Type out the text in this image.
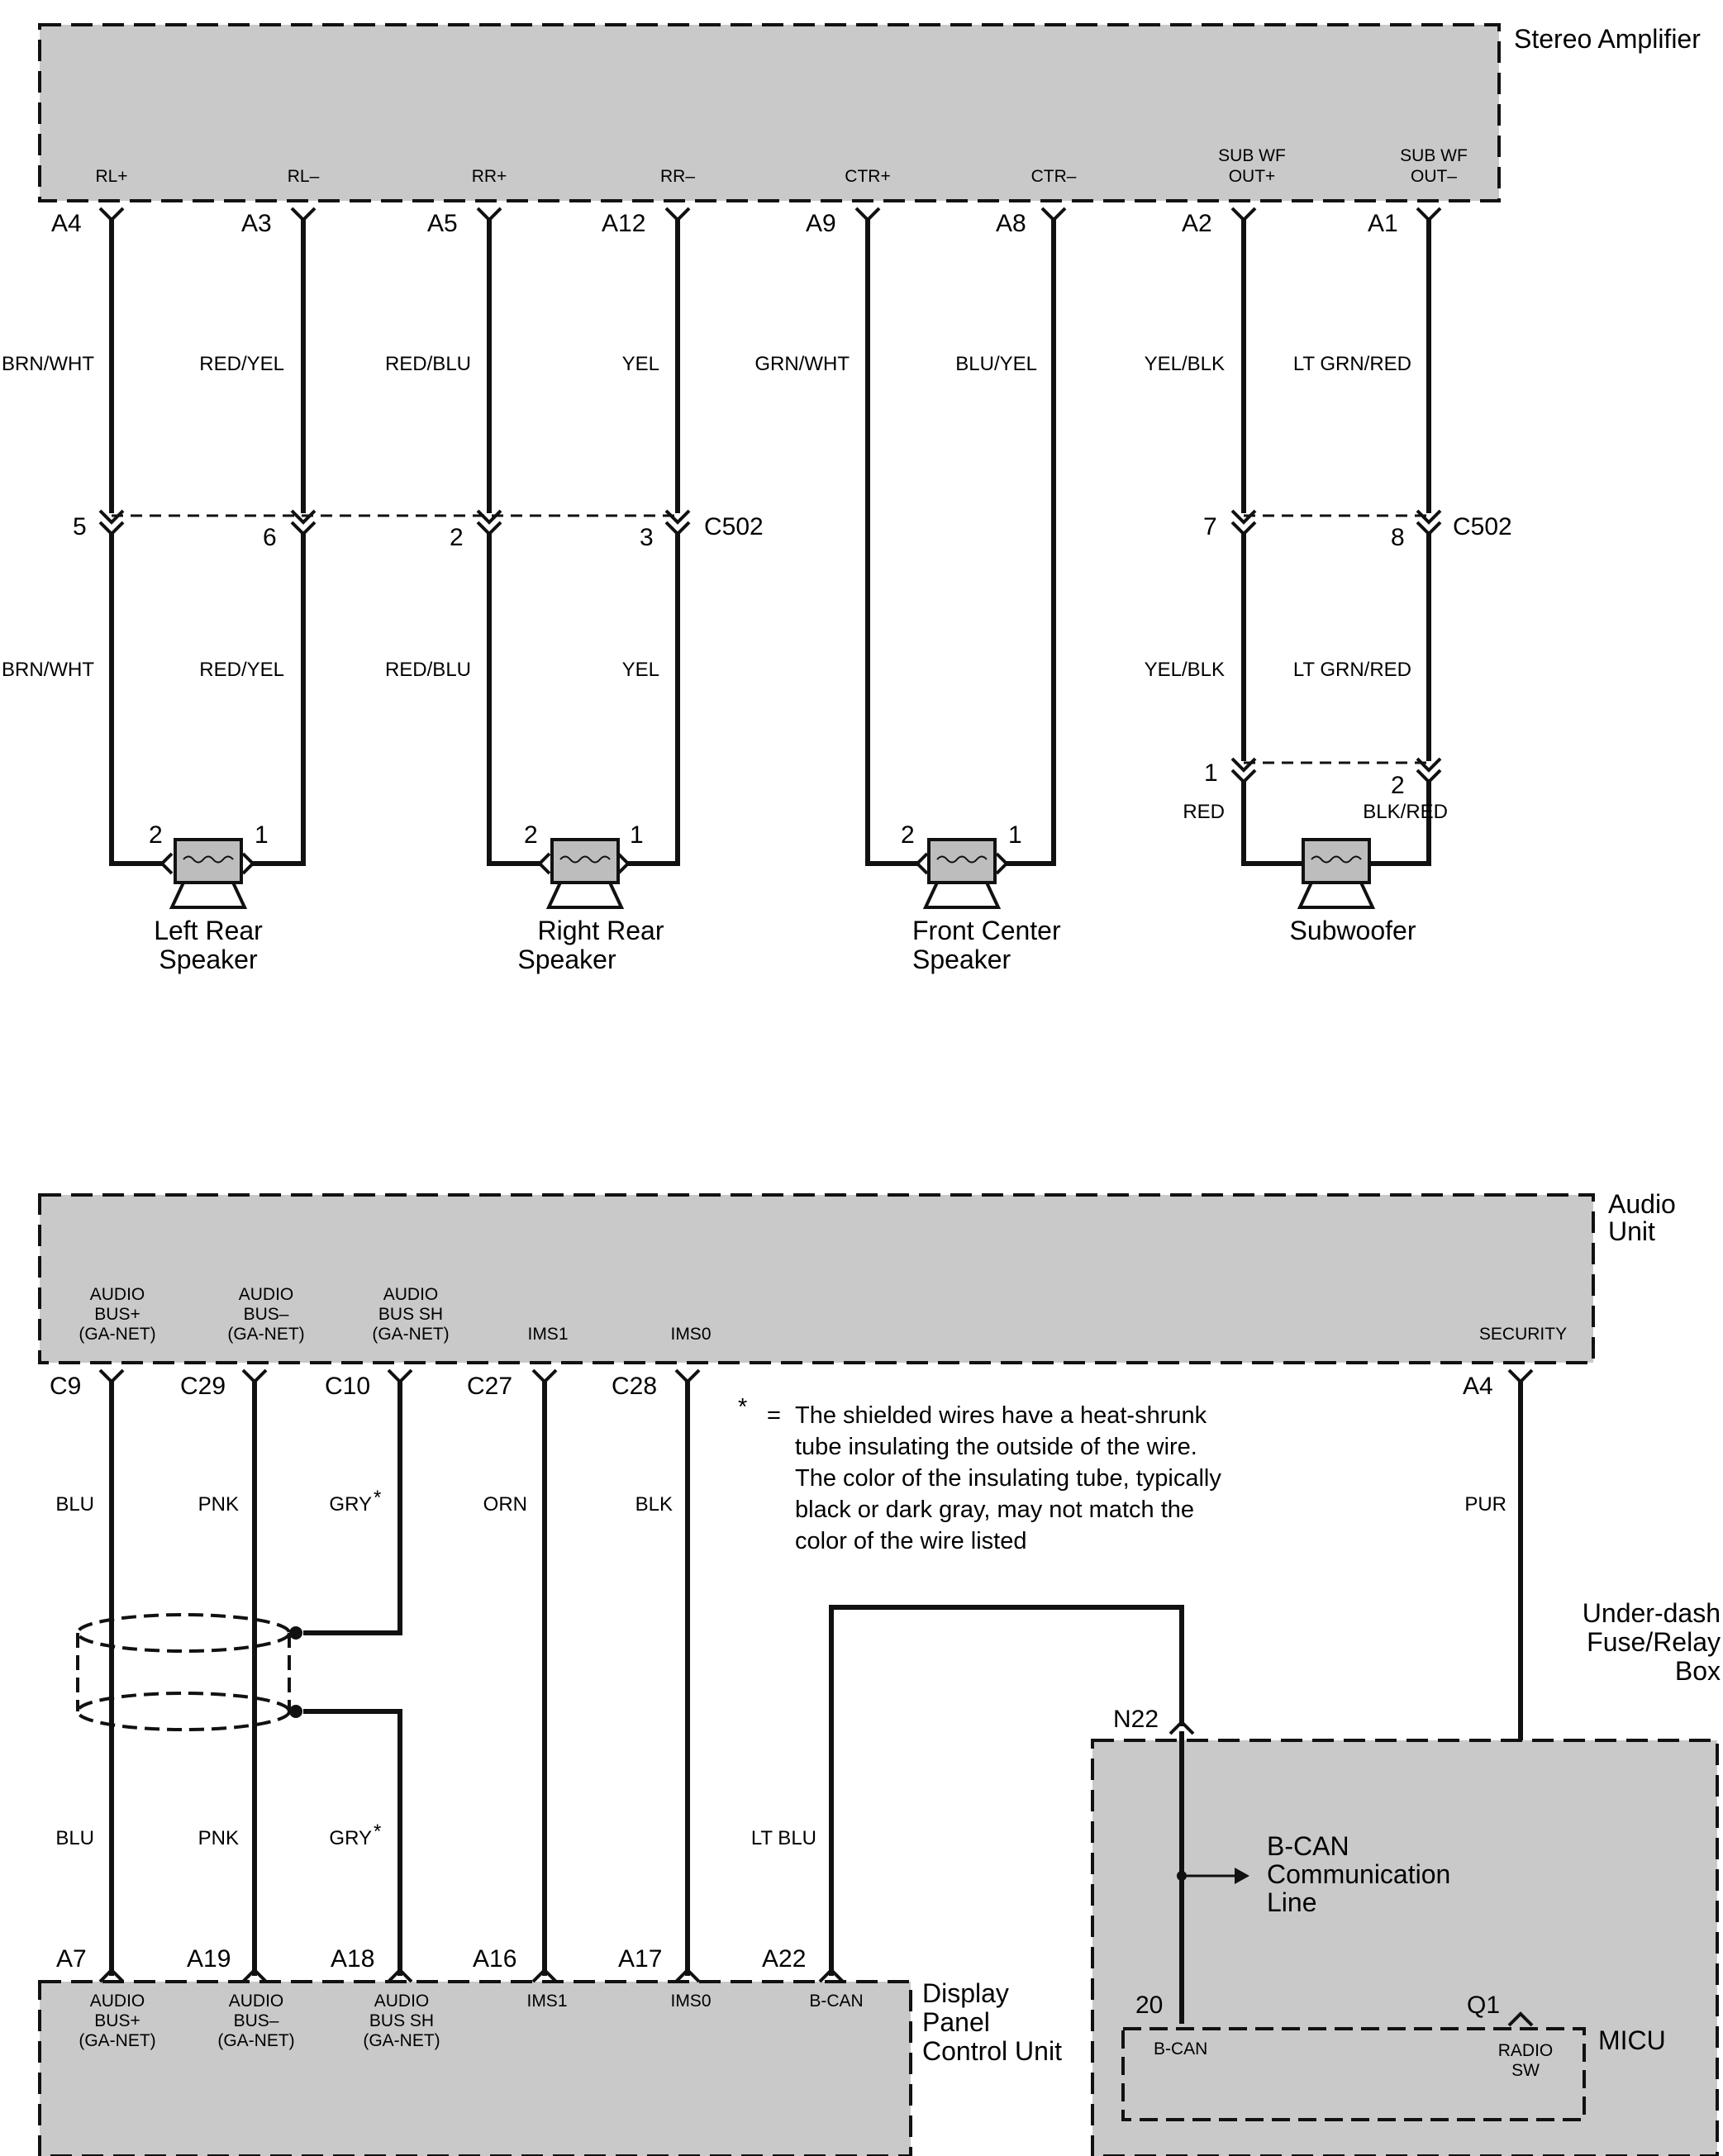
Stereo Amplifier
RL+	RL–	RR+	RR–	CTR+	CTR–
SUB WF
OUT+
SUB WF
OUT–
A4	A3	A5	A12	A9	A8	A2	A1
BRN/WHT	RED/YEL	RED/BLU	YEL	GRN/WHT	BLU/YEL	YEL/BLK	LT GRN/RED
5	6	2	3 C502	7	8 C502
BRN/WHT	RED/YEL	RED/BLU	YEL	YEL/BLK	LT GRN/RED
1	2
RED	BLK/RED
2	1
Left Rear
Speaker
2	1
Right Rear
Speaker
2	1
Front Center
Speaker
Subwoofer
Audio
Unit
AUDIO
BUS+
(GA-NET)
AUDIO
BUS–
(GA-NET)
AUDIO
BUS SH
(GA-NET)	IMS1	IMS0	SECURITY
C9	C29	C10	C27	C28	A4
BLU	PNK	GRY *	ORN	BLK	PUR
BLU	PNK	GRY *	LT BLU
* = The shielded wires have a heat-shrunk
tube insulating the outside of the wire.
The color of the insulating tube, typically
black or dark gray, may not match the
color of the wire listed
Display
Panel
Control Unit
A7	A19	A18	A16	A17	A22
AUDIO
BUS+
(GA-NET)
AUDIO
BUS–
(GA-NET)
AUDIO
BUS SH
(GA-NET)
IMS1	IMS0	B-CAN
Under-dash
Fuse/Relay
Box
N22
B-CAN
Communication
Line
MICU
20	Q1
B-CAN	RADIO
SW
